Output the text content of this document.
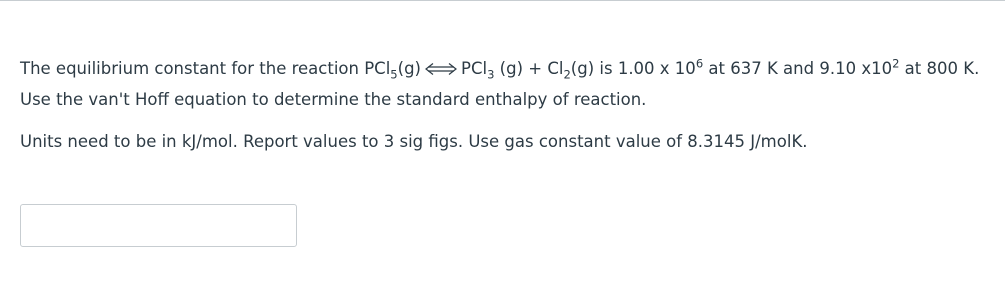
The equilibrium constant for the reaction PCl$_5$(g) PCl$_3$ $(g) + Cl_2(g)$ is 1.00 x $10^6$ at 637 K and 9.10 $x10^2$ at 800 K. Use the van't Hoff equation to determine the standard enthalpy of reaction.

Units need to be in kJ/mol. Report values to 3 sig figs. Use gas constant value of 8.3145 J/molK.
